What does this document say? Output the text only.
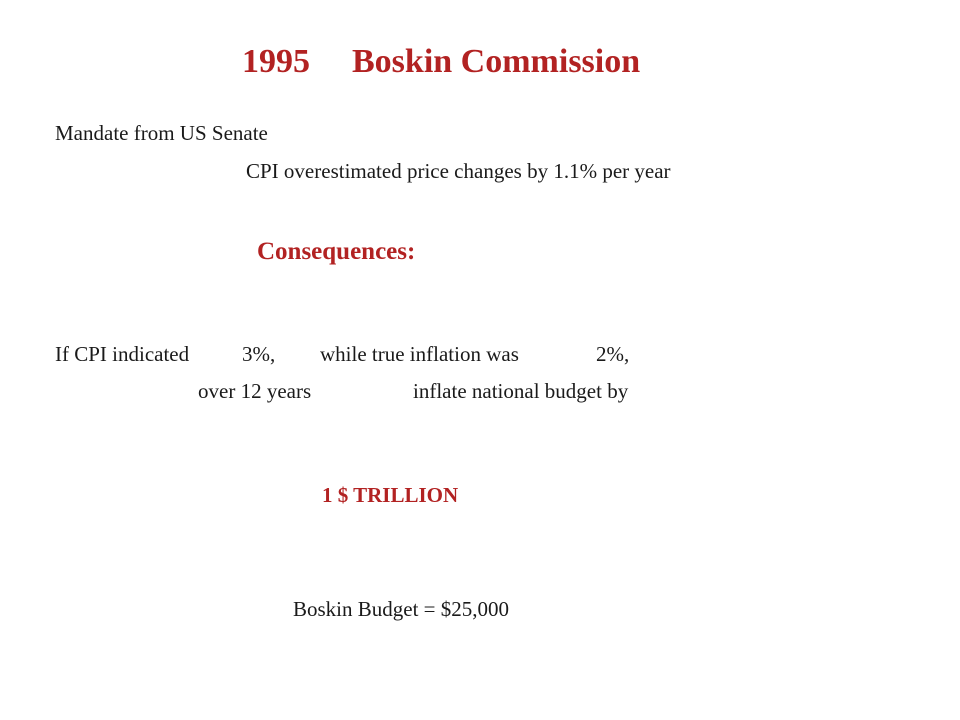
1995 Boskin Commission
Mandate from US Senate
CPI overestimated price changes by 1.1% per year
Consequences:
If CPI indicated	3%, while true inflation was	2%,
over 12 years	inflate national budget by
1 $ TRILLION
Boskin Budget = $25,000
